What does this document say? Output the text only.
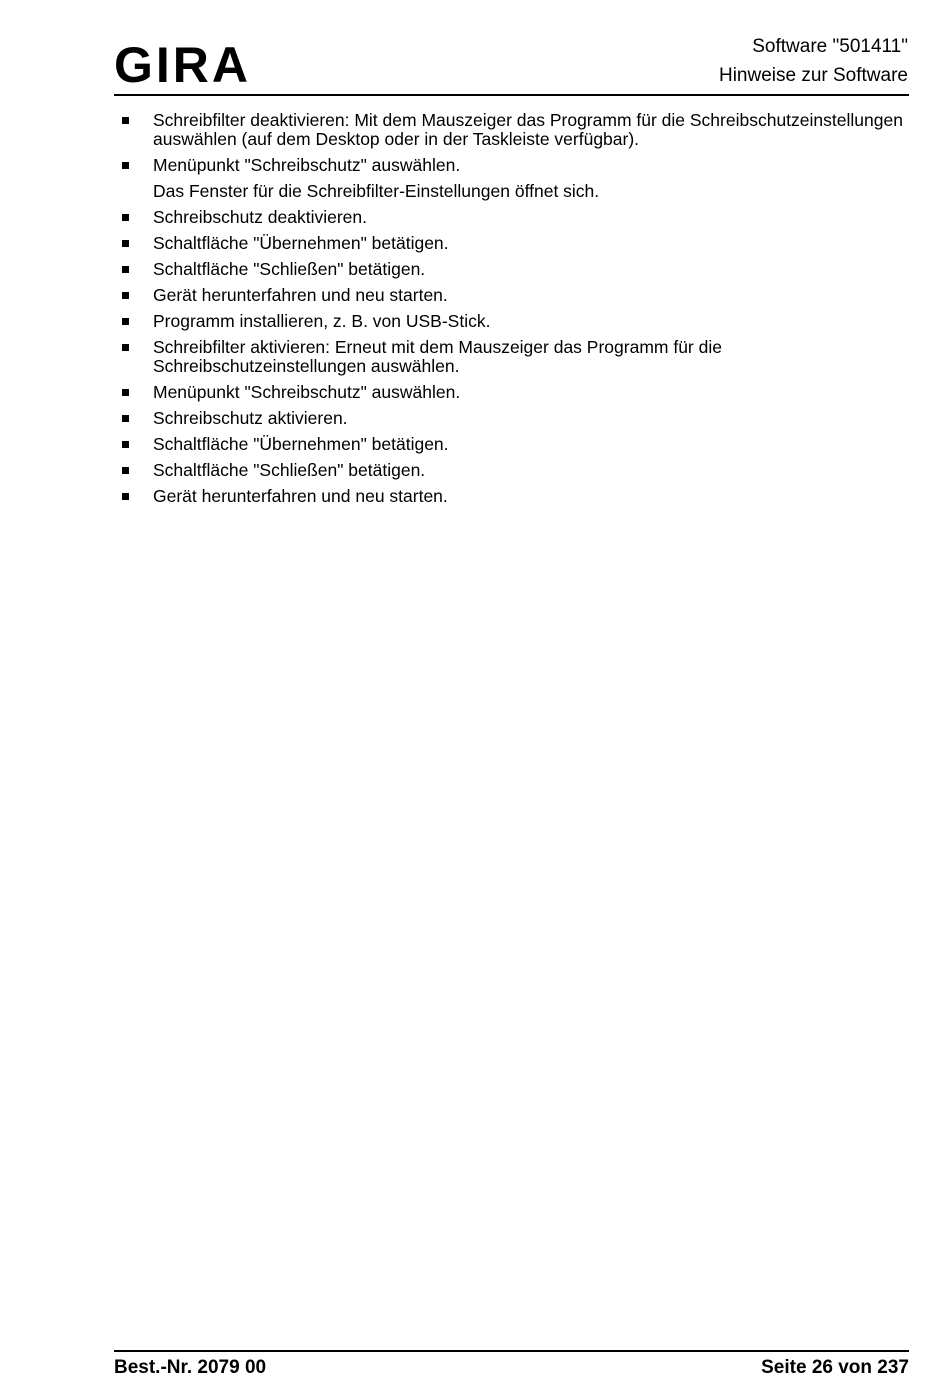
GIRA	Software "501411"
Hinweise zur Software
Schreibfilter deaktivieren: Mit dem Mauszeiger das Programm für die Schreibschutzeinstellungen auswählen (auf dem Desktop oder in der Taskleiste verfügbar).
Menüpunkt "Schreibschutz" auswählen.
Das Fenster für die Schreibfilter-Einstellungen öffnet sich.
Schreibschutz deaktivieren.
Schaltfläche "Übernehmen" betätigen.
Schaltfläche "Schließen" betätigen.
Gerät herunterfahren und neu starten.
Programm installieren, z. B. von USB-Stick.
Schreibfilter aktivieren: Erneut mit dem Mauszeiger das Programm für die Schreibschutzeinstellungen auswählen.
Menüpunkt "Schreibschutz" auswählen.
Schreibschutz aktivieren.
Schaltfläche "Übernehmen" betätigen.
Schaltfläche "Schließen" betätigen.
Gerät herunterfahren und neu starten.
Best.-Nr. 2079 00	Seite 26 von 237
